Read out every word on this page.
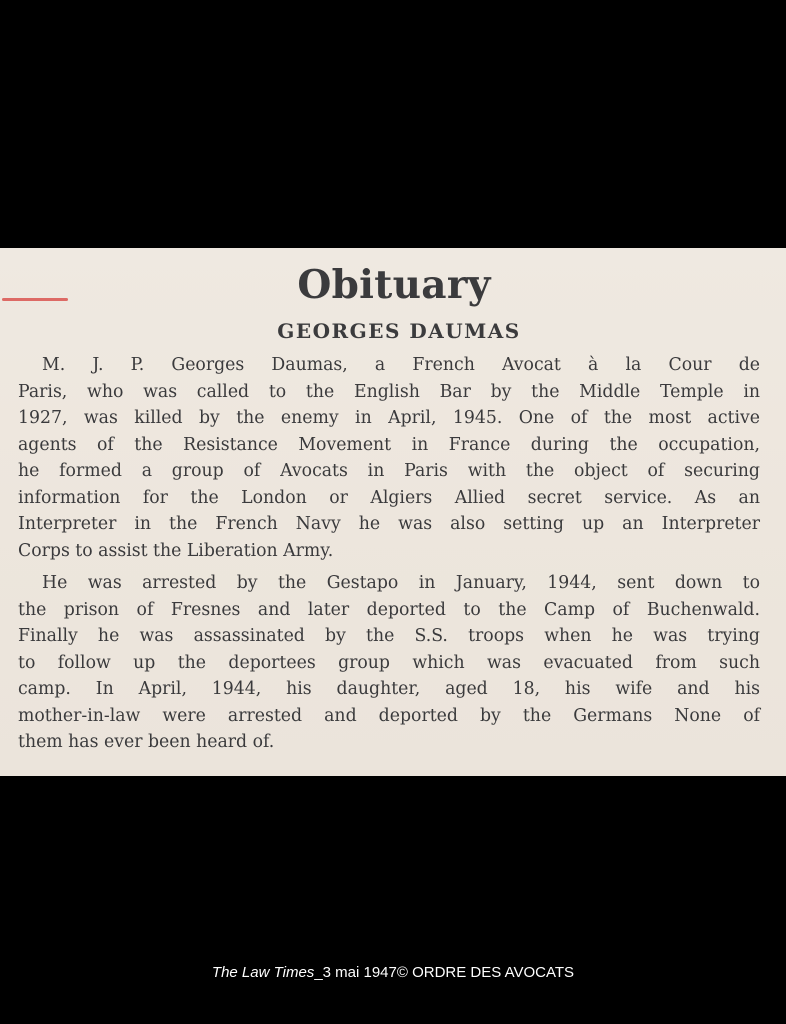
Obituary
GEORGES DAUMAS

M. J. P. Georges Daumas, a French Avocat à la Cour de
Paris, who was called to the English Bar by the Middle Temple in
1927, was killed by the enemy in April, 1945. One of the most active
agents of the Resistance Movement in France during the occupation,
he formed a group of Avocats in Paris with the object of securing
information for the London or Algiers Allied secret service. As an
Interpreter in the French Navy he was also setting up an Interpreter
Corps to assist the Liberation Army.

He was arrested by the Gestapo in January, 1944, sent down to
the prison of Fresnes and later deported to the Camp of Buchenwald.
Finally he was assassinated by the S.S. troops when he was trying
to follow up the deportees group which was evacuated from such
camp. In April, 1944, his daughter, aged 18, his wife and his
mother-in-law were arrested and deported by the Germans None of
them has ever been heard of.

The Law Times_3 mai 1947© ORDRE DES AVOCATS
